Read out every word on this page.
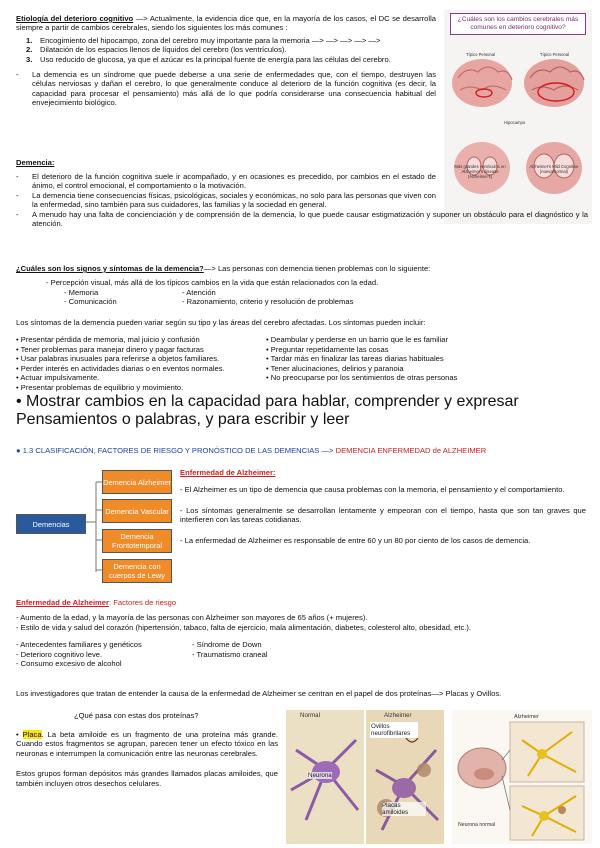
Etiología del deterioro cognitivo —> Actualmente, la evidencia dice que, en la mayoría de los casos, el DC se desarrolla siempre a partir de cambios cerebrales, siendo los siguientes los más comunes :

1.	Encogimiento del hipocampo, zona del cerebro muy importante para la memoria —> —> —> —> —>
2.	Dilatación de los espacios llenos de líquidos del cerebro (los ventrículos).
3.	Uso reducido de glucosa, ya que el azúcar es la principal fuente de energía para las células del cerebro.
-	La demencia es un síndrome que puede deberse a una serie de enfermedades que, con el tiempo, destruyen las células nerviosas y dañan el cerebro, lo que generalmente conduce al deterioro de la función cognitiva (es decir, la capacidad para procesar el pensamiento) más allá de lo que podría considerarse una consecuencia habitual del envejecimiento biológico.
¿Cuáles son los cambios cerebrales más comunes en deterioro cognitivo?
Típico Personal	Típico Personal
Hipocampo
Más grandes ventriculos en Alzheimer's disease (Alzheimer's)
Alzheimer's Mild Cognitive (nueva/normal)

Demencia:

-	El deterioro de la función cognitiva suele ir acompañado, y en ocasiones es precedido, por cambios en el estado de ánimo, el control emocional, el comportamiento o la motivación.
-	La demencia tiene consecuencias físicas, psicológicas, sociales y económicas, no solo para las personas que viven con la enfermedad, sino también para sus cuidadores, las familias y la sociedad en general.
-	A menudo hay una falta de concienciación y de comprensión de la demencia, lo que puede causar estigmatización y suponer un obstáculo para el diagnóstico y la atención.

¿Cuáles son los signos y síntomas de la demencia?—> Las personas con demencia tienen problemas con lo siguiente:

- Percepción visual, más allá de los típicos cambios en la vida que están relacionados con la edad.

- Memoria

- Comunicación

- Atención

- Razonamiento, criterio y resolución de problemas

Los síntomas de la demencia pueden variar según su tipo y las áreas del cerebro afectadas. Los síntomas pueden incluir:

• Presentar pérdida de memoria, mal juicio y confusión
• Tener problemas para manejar dinero y pagar facturas
• Usar palabras inusuales para referirse a objetos familiares.
• Perder interés en actividades diarias o en eventos normales.
• Actuar impulsivamente.
• Presentar problemas de equilibrio y movimiento.
• Deambular y perderse en un barrio que le es familiar
• Preguntar repetidamente las cosas
• Tardar más en finalizar las tareas diarias habituales
• Tener alucinaciones, delirios y paranoia
• No preocuparse por los sentimientos de otras personas
• Mostrar cambios en la capacidad para hablar, comprender y expresar Pensamientos o palabras, y para escribir y leer
● 1.3 CLASIFICACIÓN, FACTORES DE RIESGO Y PRONÓSTICO DE LAS DEMENCIAS —> DEMENCIA ENFERMEDAD de ALZHEIMER
Demencias
Demencia Alzheimer
Demencia Vascular
Demencia Frontotemporal
Demencia con cuerpos de Lewy

Enfermedad de Alzheimer:

- El Alzheimer es un tipo de demencia que causa problemas con la memoria, el pensamiento y el comportamiento.

- Los síntomas generalmente se desarrollan lentamente y empeoran con el tiempo, hasta que son tan graves que interfieren con las tareas cotidianas.

- La enfermedad de Alzheimer es responsable de entre 60 y un 80 por ciento de los casos de demencia.

Enfermedad de Alzheimer: Factores de riesgo

- Aumento de la edad, y la mayoría de las personas con Alzheimer son mayores de 65 años (+ mujeres).

- Estilo de vida y salud del corazón (hipertensión, tabaco, falta de ejercicio, mala alimentación, diabetes, colesterol alto, obesidad, etc.).

- Antecedentes familiares y genéticos
- Deterioro cognitivo leve.
- Consumo excesivo de alcohol
- Síndrome de Down
- Traumatismo craneal

Los investigadores que tratan de entender la causa de la enfermedad de Alzheimer se centran en el papel de dos proteínas—> Placas y Ovillos.

¿Qué pasa con estas dos proteínas?

• Placa. La beta amiloide es un fragmento de una proteína más grande. Cuando estos fragmentos se agrupan, parecen tener un efecto tóxico en las neuronas e interrumpen la comunicación entre las neuronas cerebrales.

Estos grupos forman depósitos más grandes llamados placas amiloides, que también incluyen otros desechos celulares.

Normal	Alzheimer
Ovillos neurofibrilares
Neurona
Placas amiloides
Alzheimer
Neurona normal
